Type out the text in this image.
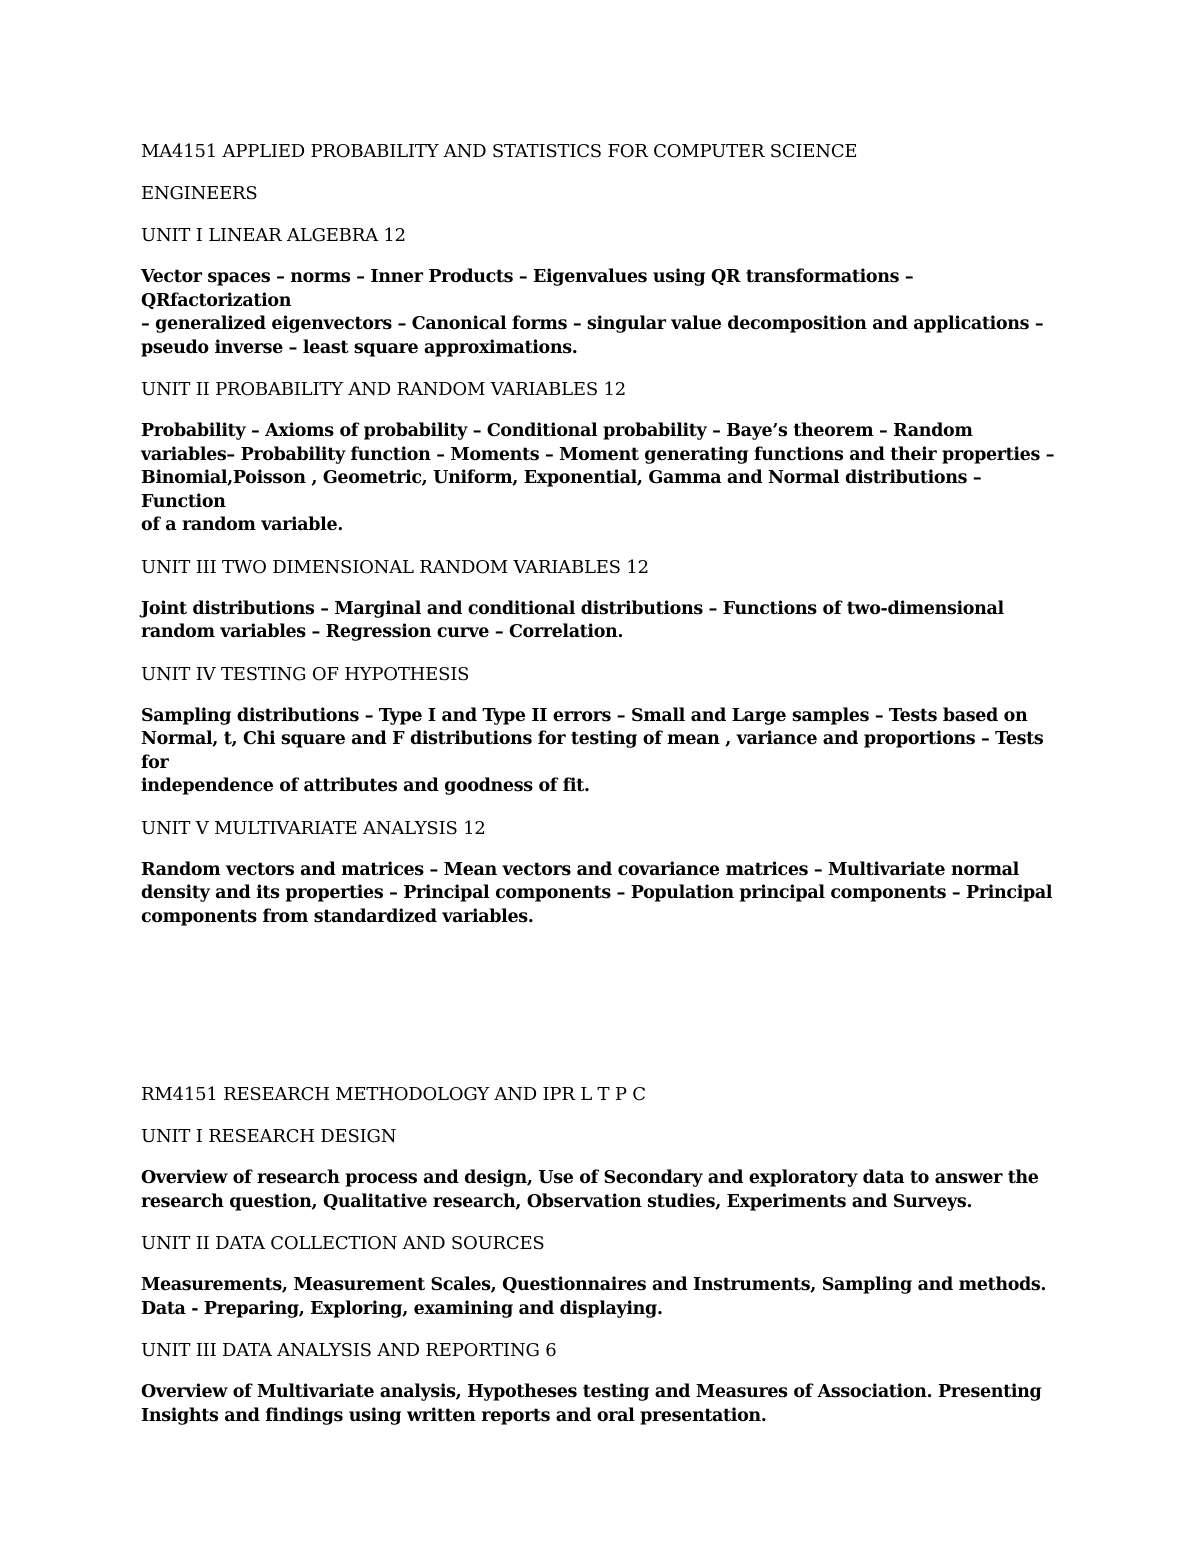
MA4151 APPLIED PROBABILITY AND STATISTICS FOR COMPUTER SCIENCE

ENGINEERS

UNIT I LINEAR ALGEBRA 12

Vector spaces – norms – Inner Products – Eigenvalues using QR transformations – QRfactorization
– generalized eigenvectors – Canonical forms – singular value decomposition and applications –
pseudo inverse – least square approximations.

UNIT II PROBABILITY AND RANDOM VARIABLES 12

Probability – Axioms of probability – Conditional probability – Baye’s theorem – Random
variables– Probability function – Moments – Moment generating functions and their properties –
Binomial,Poisson , Geometric, Uniform, Exponential, Gamma and Normal distributions – Function
of a random variable.

UNIT III TWO DIMENSIONAL RANDOM VARIABLES 12

Joint distributions – Marginal and conditional distributions – Functions of two-dimensional
random variables – Regression curve – Correlation.

UNIT IV TESTING OF HYPOTHESIS

Sampling distributions – Type I and Type II errors – Small and Large samples – Tests based on
Normal, t, Chi square and F distributions for testing of mean , variance and proportions – Tests for
independence of attributes and goodness of fit.

UNIT V MULTIVARIATE ANALYSIS 12

Random vectors and matrices – Mean vectors and covariance matrices – Multivariate normal
density and its properties – Principal components – Population principal components – Principal
components from standardized variables.

RM4151 RESEARCH METHODOLOGY AND IPR L T P C

UNIT I RESEARCH DESIGN

Overview of research process and design, Use of Secondary and exploratory data to answer the
research question, Qualitative research, Observation studies, Experiments and Surveys.

UNIT II DATA COLLECTION AND SOURCES

Measurements, Measurement Scales, Questionnaires and Instruments, Sampling and methods.
Data - Preparing, Exploring, examining and displaying.

UNIT III DATA ANALYSIS AND REPORTING 6

Overview of Multivariate analysis, Hypotheses testing and Measures of Association. Presenting
Insights and findings using written reports and oral presentation.
